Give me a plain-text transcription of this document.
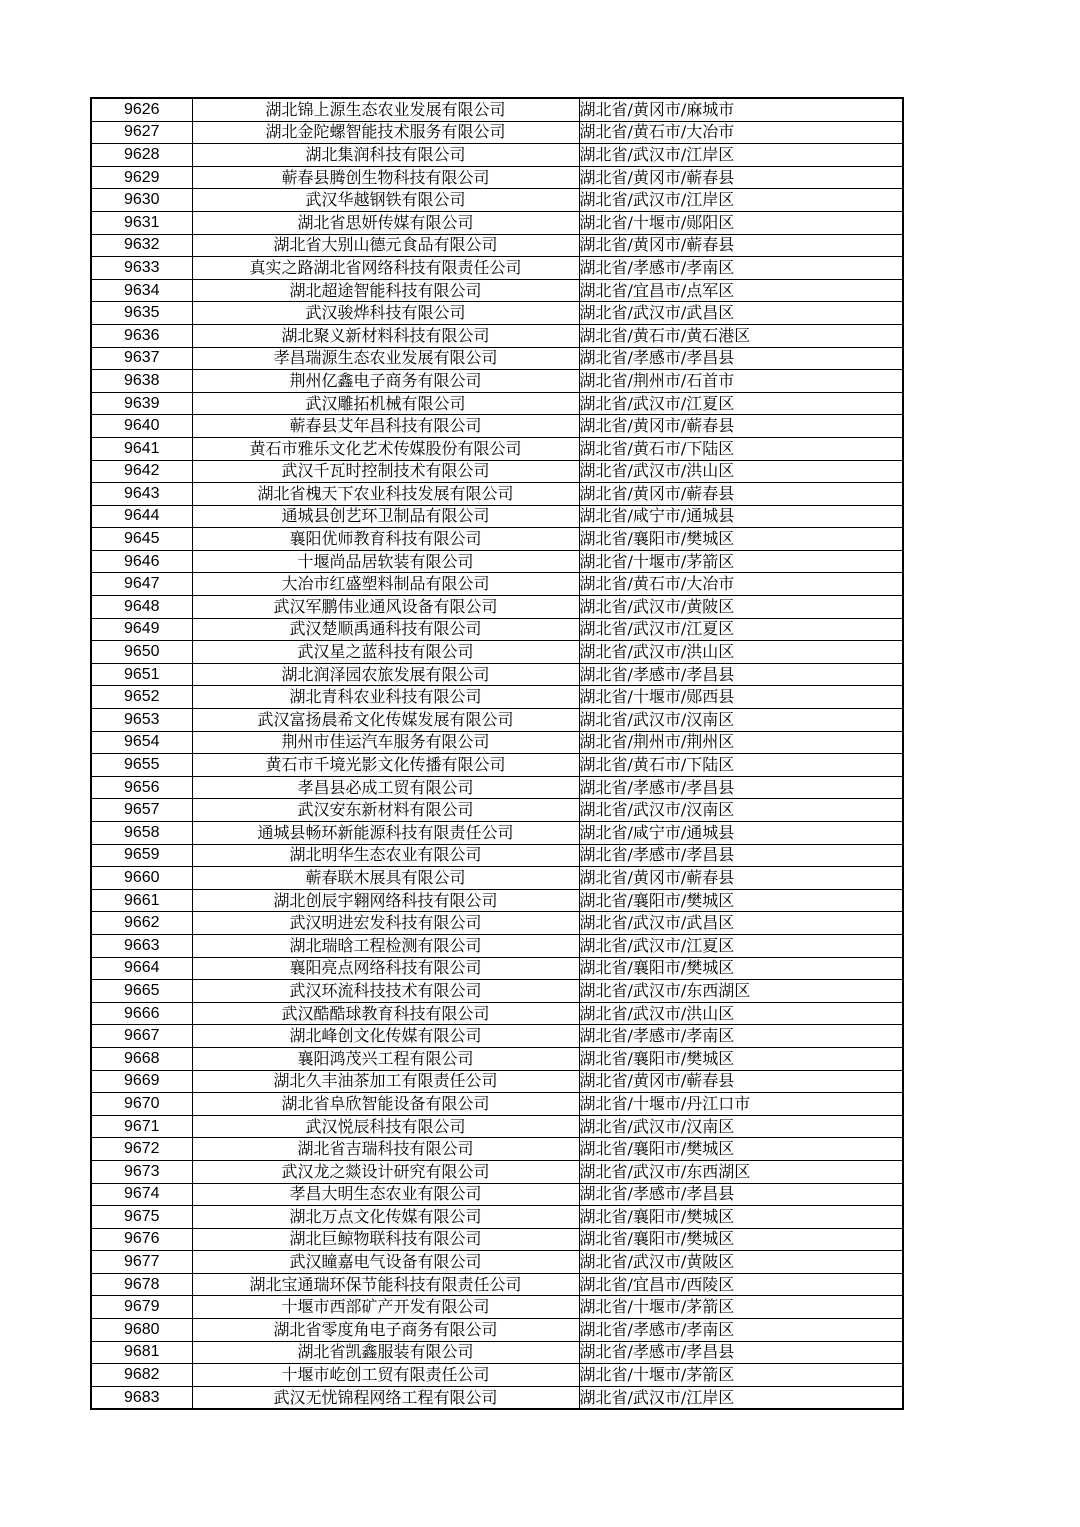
9626	湖北锦上源生态农业发展有限公司	湖北省/黄冈市/麻城市
9627	湖北金陀螺智能技术服务有限公司	湖北省/黄石市/大冶市
9628	湖北集润科技有限公司	湖北省/武汉市/江岸区
9629	蕲春县腾创生物科技有限公司	湖北省/黄冈市/蕲春县
9630	武汉华越钢铁有限公司	湖北省/武汉市/江岸区
9631	湖北省思妍传媒有限公司	湖北省/十堰市/郧阳区
9632	湖北省大别山德元食品有限公司	湖北省/黄冈市/蕲春县
9633	真实之路湖北省网络科技有限责任公司	湖北省/孝感市/孝南区
9634	湖北超途智能科技有限公司	湖北省/宜昌市/点军区
9635	武汉骏烨科技有限公司	湖北省/武汉市/武昌区
9636	湖北聚义新材料科技有限公司	湖北省/黄石市/黄石港区
9637	孝昌瑞源生态农业发展有限公司	湖北省/孝感市/孝昌县
9638	荆州亿鑫电子商务有限公司	湖北省/荆州市/石首市
9639	武汉雕拓机械有限公司	湖北省/武汉市/江夏区
9640	蕲春县艾年昌科技有限公司	湖北省/黄冈市/蕲春县
9641	黄石市雅乐文化艺术传媒股份有限公司	湖北省/黄石市/下陆区
9642	武汉千瓦时控制技术有限公司	湖北省/武汉市/洪山区
9643	湖北省槐天下农业科技发展有限公司	湖北省/黄冈市/蕲春县
9644	通城县创艺环卫制品有限公司	湖北省/咸宁市/通城县
9645	襄阳优师教育科技有限公司	湖北省/襄阳市/樊城区
9646	十堰尚品居软装有限公司	湖北省/十堰市/茅箭区
9647	大冶市红盛塑料制品有限公司	湖北省/黄石市/大冶市
9648	武汉军鹏伟业通风设备有限公司	湖北省/武汉市/黄陂区
9649	武汉楚顺禹通科技有限公司	湖北省/武汉市/江夏区
9650	武汉星之蓝科技有限公司	湖北省/武汉市/洪山区
9651	湖北润泽园农旅发展有限公司	湖北省/孝感市/孝昌县
9652	湖北青科农业科技有限公司	湖北省/十堰市/郧西县
9653	武汉富扬晨希文化传媒发展有限公司	湖北省/武汉市/汉南区
9654	荆州市佳运汽车服务有限公司	湖北省/荆州市/荆州区
9655	黄石市千境光影文化传播有限公司	湖北省/黄石市/下陆区
9656	孝昌县必成工贸有限公司	湖北省/孝感市/孝昌县
9657	武汉安东新材料有限公司	湖北省/武汉市/汉南区
9658	通城县畅环新能源科技有限责任公司	湖北省/咸宁市/通城县
9659	湖北明华生态农业有限公司	湖北省/孝感市/孝昌县
9660	蕲春联木展具有限公司	湖北省/黄冈市/蕲春县
9661	湖北创辰宇翱网络科技有限公司	湖北省/襄阳市/樊城区
9662	武汉明进宏发科技有限公司	湖北省/武汉市/武昌区
9663	湖北瑞晗工程检测有限公司	湖北省/武汉市/江夏区
9664	襄阳亮点网络科技有限公司	湖北省/襄阳市/樊城区
9665	武汉环流科技技术有限公司	湖北省/武汉市/东西湖区
9666	武汉酷酷球教育科技有限公司	湖北省/武汉市/洪山区
9667	湖北峰创文化传媒有限公司	湖北省/孝感市/孝南区
9668	襄阳鸿茂兴工程有限公司	湖北省/襄阳市/樊城区
9669	湖北久丰油茶加工有限责任公司	湖北省/黄冈市/蕲春县
9670	湖北省阜欣智能设备有限公司	湖北省/十堰市/丹江口市
9671	武汉悦辰科技有限公司	湖北省/武汉市/汉南区
9672	湖北省吉瑞科技有限公司	湖北省/襄阳市/樊城区
9673	武汉龙之燚设计研究有限公司	湖北省/武汉市/东西湖区
9674	孝昌大明生态农业有限公司	湖北省/孝感市/孝昌县
9675	湖北万点文化传媒有限公司	湖北省/襄阳市/樊城区
9676	湖北巨鲸物联科技有限公司	湖北省/襄阳市/樊城区
9677	武汉瞳嘉电气设备有限公司	湖北省/武汉市/黄陂区
9678	湖北宝通瑞环保节能科技有限责任公司	湖北省/宜昌市/西陵区
9679	十堰市西部矿产开发有限公司	湖北省/十堰市/茅箭区
9680	湖北省零度角电子商务有限公司	湖北省/孝感市/孝南区
9681	湖北省凯鑫服装有限公司	湖北省/孝感市/孝昌县
9682	十堰市屹创工贸有限责任公司	湖北省/十堰市/茅箭区
9683	武汉无忧锦程网络工程有限公司	湖北省/武汉市/江岸区
